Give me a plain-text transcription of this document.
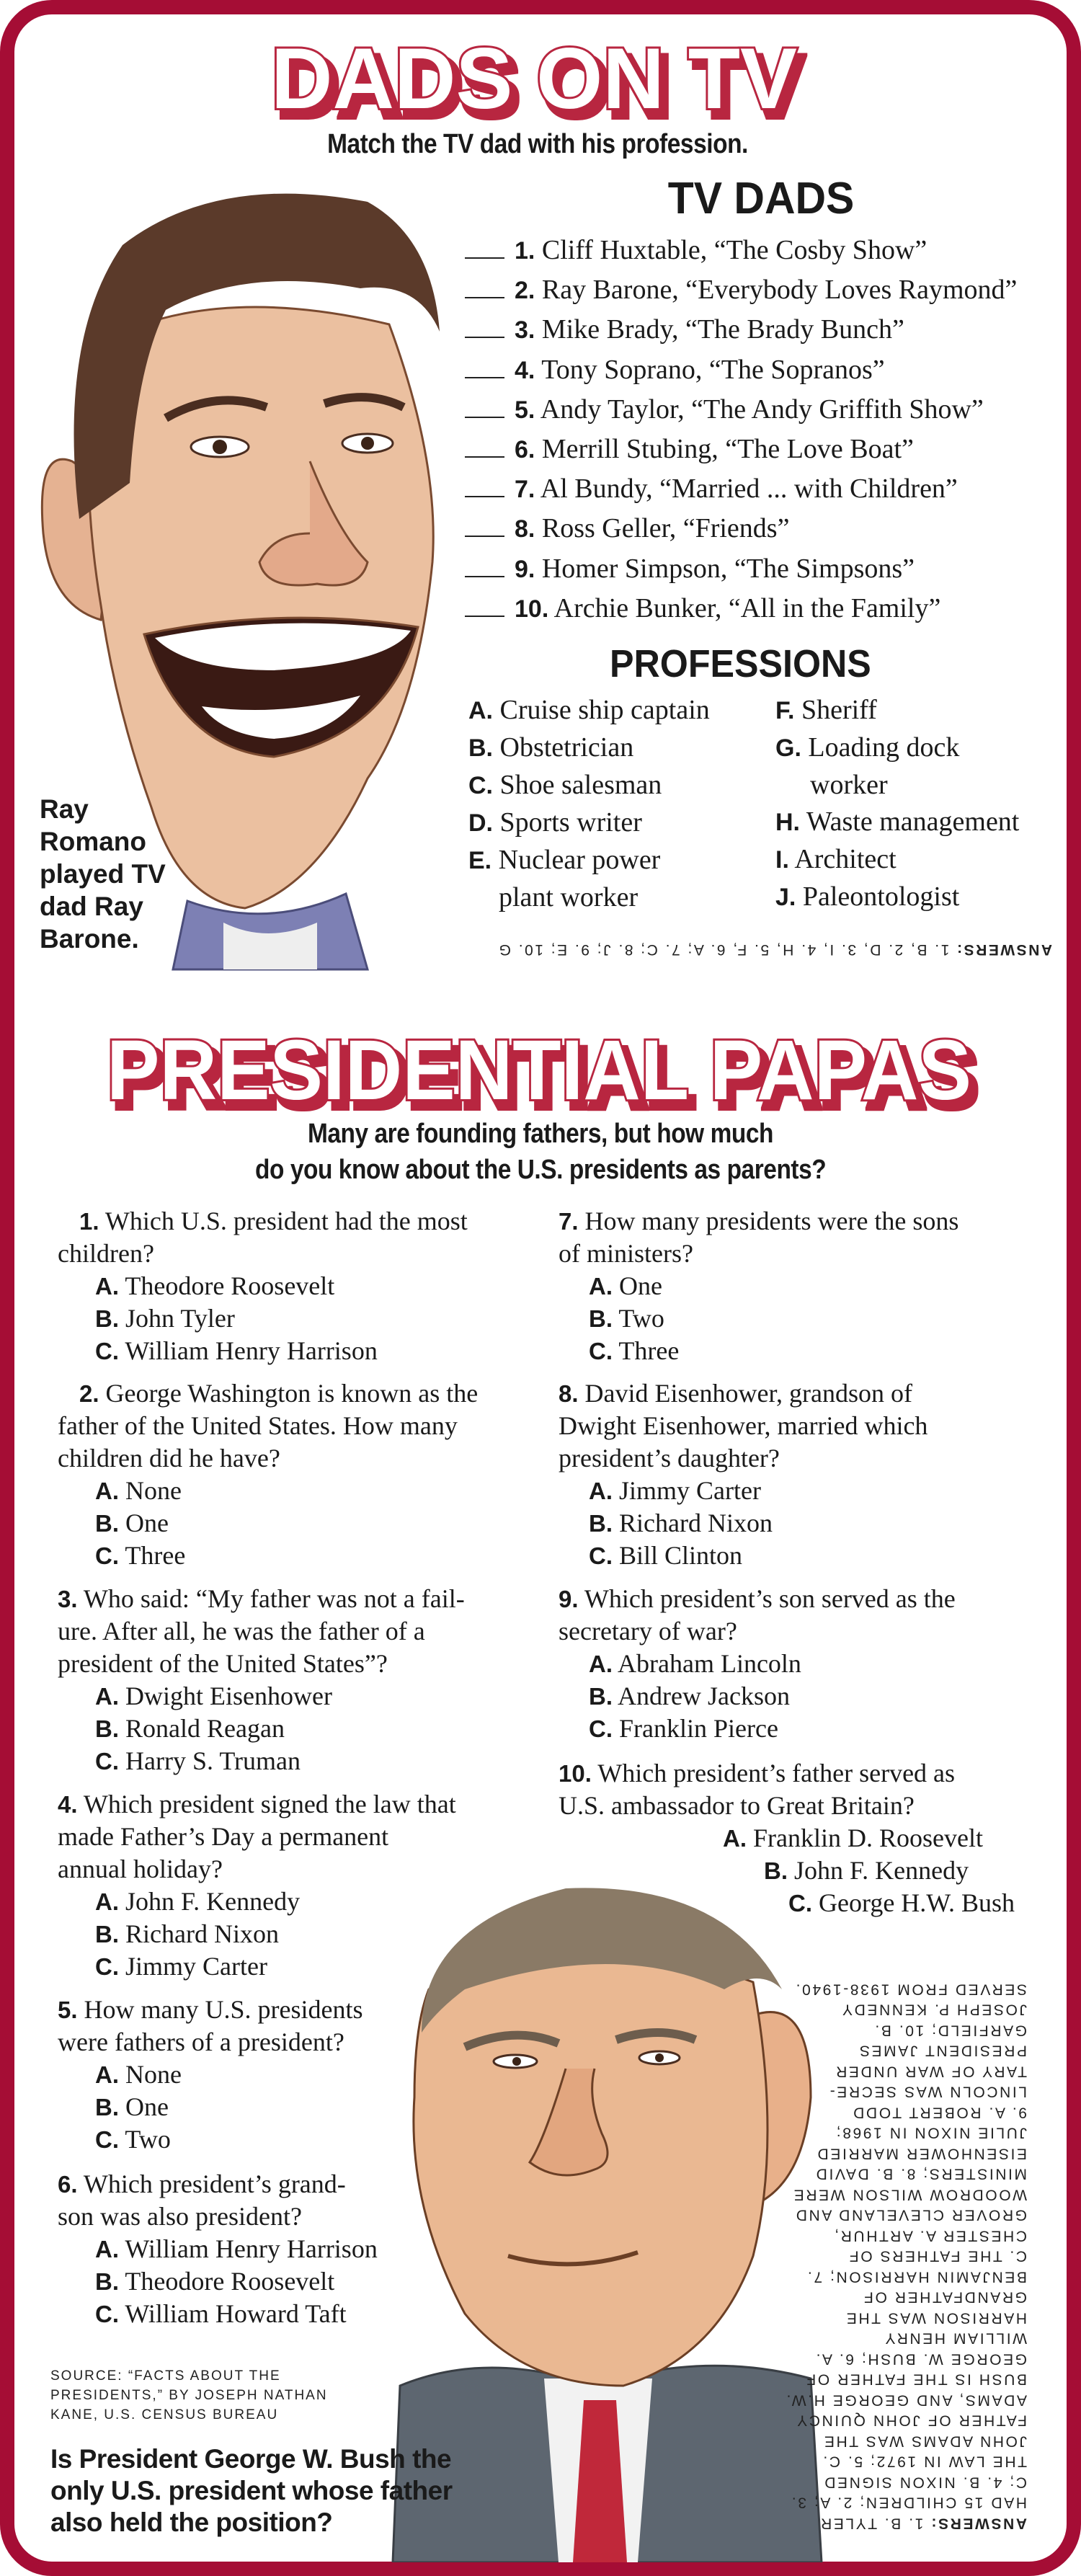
DADS ON TV
Match the TV dad with his profession.
TV DADS
1. Cliff Huxtable, “The Cosby Show”
2. Ray Barone, “Everybody Loves Raymond”
3. Mike Brady, “The Brady Bunch”
4. Tony Soprano, “The Sopranos”
5. Andy Taylor, “The Andy Griffith Show”
6. Merrill Stubing, “The Love Boat”
7. Al Bundy, “Married ... with Children”
8. Ross Geller, “Friends”
9. Homer Simpson, “The Simpsons”
10. Archie Bunker, “All in the Family”
PROFESSIONS
A. Cruise ship captain
B. Obstetrician
C. Shoe salesman
D. Sports writer
E. Nuclear power
plant worker
F. Sheriff
G. Loading dock
worker
H. Waste management
I. Architect
J. Paleontologist
Ray
Romano
played TV
dad Ray
Barone.	ANSWERS: 1. B, 2. D, 3. I, 4. H, 5. F, 6. A; 7. C; 8. J; 9. E; 10. G
PRESIDENTIAL PAPAS
Many are founding fathers, but how much
do you know about the U.S. presidents as parents?
1. Which U.S. president had the most
children?
A. Theodore Roosevelt
B. John Tyler
C. William Henry Harrison
2. George Washington is known as the
father of the United States. How many
children did he have?
A. None
B. One
C. Three
3. Who said: “My father was not a fail-
ure. After all, he was the father of a
president of the United States”?
A. Dwight Eisenhower
B. Ronald Reagan
C. Harry S. Truman
4. Which president signed the law that
made Father’s Day a permanent
annual holiday?
A. John F. Kennedy
B. Richard Nixon
C. Jimmy Carter
5. How many U.S. presidents
were fathers of a president?
A. None
B. One
C. Two
6. Which president’s grand-
son was also president?
A. William Henry Harrison
B. Theodore Roosevelt
C. William Howard Taft
7. How many presidents were the sons
of ministers?
A. One
B. Two
C. Three
8. David Eisenhower, grandson of
Dwight Eisenhower, married which
president’s daughter?
A. Jimmy Carter
B. Richard Nixon
C. Bill Clinton
9. Which president’s son served as the
secretary of war?
A. Abraham Lincoln
B. Andrew Jackson
C. Franklin Pierce
10. Which president’s father served as
U.S. ambassador to Great Britain?
A. Franklin D. Roosevelt
B. John F. Kennedy
C. George H.W. Bush
SOURCE: “FACTS ABOUT THE
PRESIDENTS,” BY JOSEPH NATHAN
KANE, U.S. CENSUS BUREAU
Is President George W. Bush the
only U.S. president whose father
also held the position?	ANSWERS: 1. B. TYLER
HAD 15 CHILDREN; 2. A; 3.
C; 4. B. NIXON SIGNED
THE LAW IN 1972; 5. C.
JOHN ADAMS WAS THE
FATHER OF JOHN QUINCY
ADAMS, AND GEORGE H.W.
BUSH IS THE FATHER OF
GEORGE W. BUSH; 6. A.
WILLIAM HENRY
HARRISON WAS THE
GRANDFATHER OF
BENJAMIN HARRISON; 7.
C. THE FATHERS OF
CHESTER A. ARTHUR,
GROVER CLEVELAND AND
WOODROW WILSON WERE
MINISTERS; 8. B. DAVID
EISENHOWER MARRIED
JULIE NIXON IN 1968;
9. A. ROBERT TODD
LINCOLN WAS SECRE-
TARY OF WAR UNDER
PRESIDENT JAMES
GARFIELD; 10. B.
JOSEPH P. KENNEDY
SERVED FROM 1938-1940.
